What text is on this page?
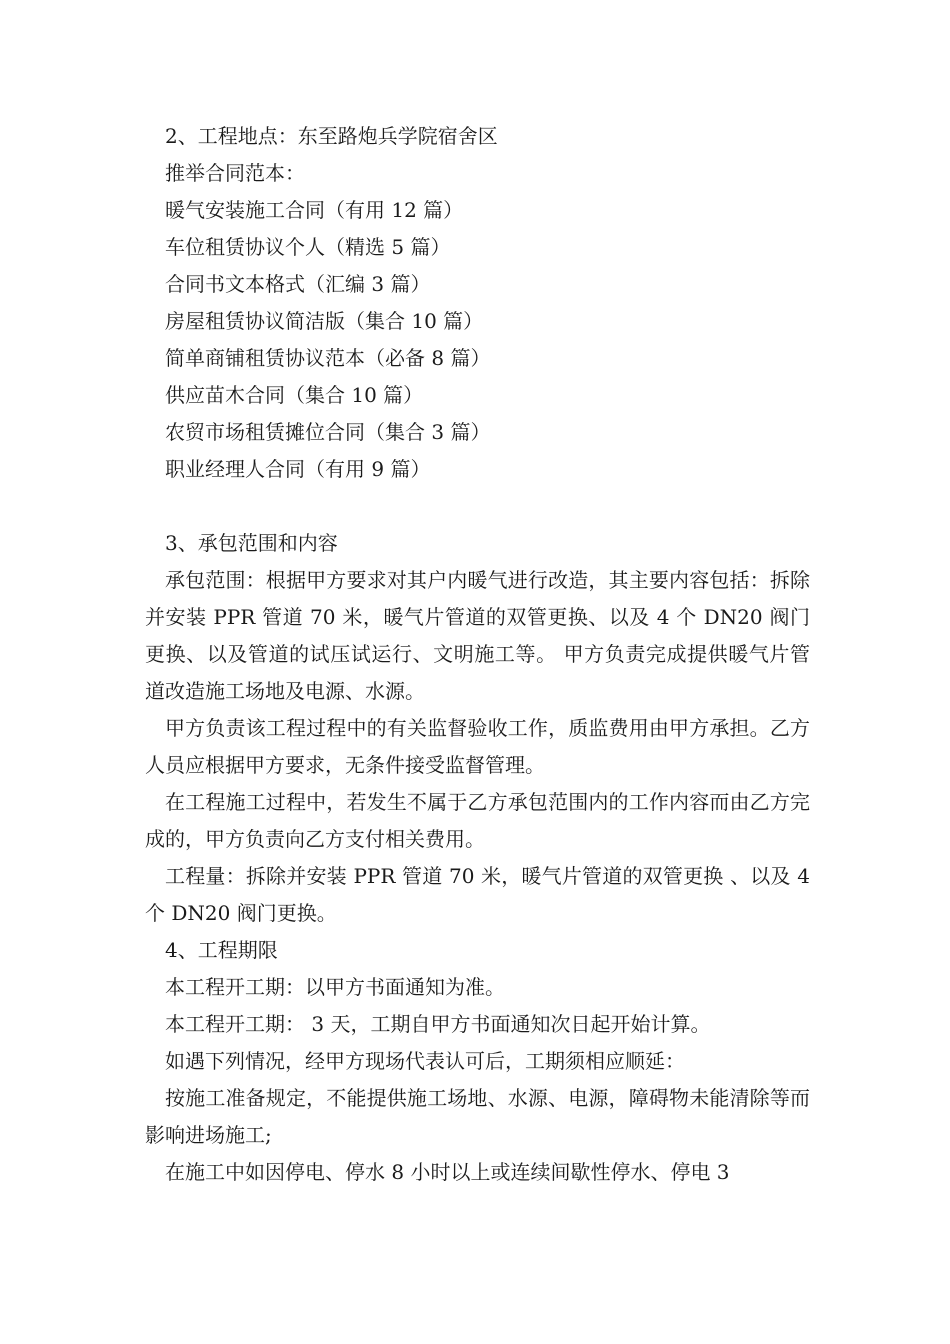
2、工程地点：东至路炮兵学院宿舍区
推举合同范本：
暖气安装施工合同（有用 12 篇）
车位租赁协议个人（精选 5 篇）
合同书文本格式（汇编 3 篇）
房屋租赁协议简洁版（集合 10 篇）
简单商铺租赁协议范本（必备 8 篇）
供应苗木合同（集合 10 篇）
农贸市场租赁摊位合同（集合 3 篇）
职业经理人合同（有用 9 篇）
3、承包范围和内容

承包范围：根据甲方要求对其户内暖气进行改造，其主要内容包括：拆除并安装 PPR 管道 70 米，暖气片管道的双管更换、以及 4 个 DN20 阀门更换、以及管道的试压试运行、文明施工等。 甲方负责完成提供暖气片管道改造施工场地及电源、水源。

甲方负责该工程过程中的有关监督验收工作，质监费用由甲方承担。乙方人员应根据甲方要求，无条件接受监督管理。

在工程施工过程中，若发生不属于乙方承包范围内的工作内容而由乙方完成的，甲方负责向乙方支付相关费用。

工程量：拆除并安装 PPR 管道 70 米，暖气片管道的双管更换 、以及 4 个 DN20 阀门更换。

4、工程期限
本工程开工期：以甲方书面通知为准。
本工程开工期： 3 天，工期自甲方书面通知次日起开始计算。
如遇下列情况，经甲方现场代表认可后，工期须相应顺延：

按施工准备规定，不能提供施工场地、水源、电源，障碍物未能清除等而影响进场施工;

在施工中如因停电、停水 8 小时以上或连续间歇性停水、停电 3
